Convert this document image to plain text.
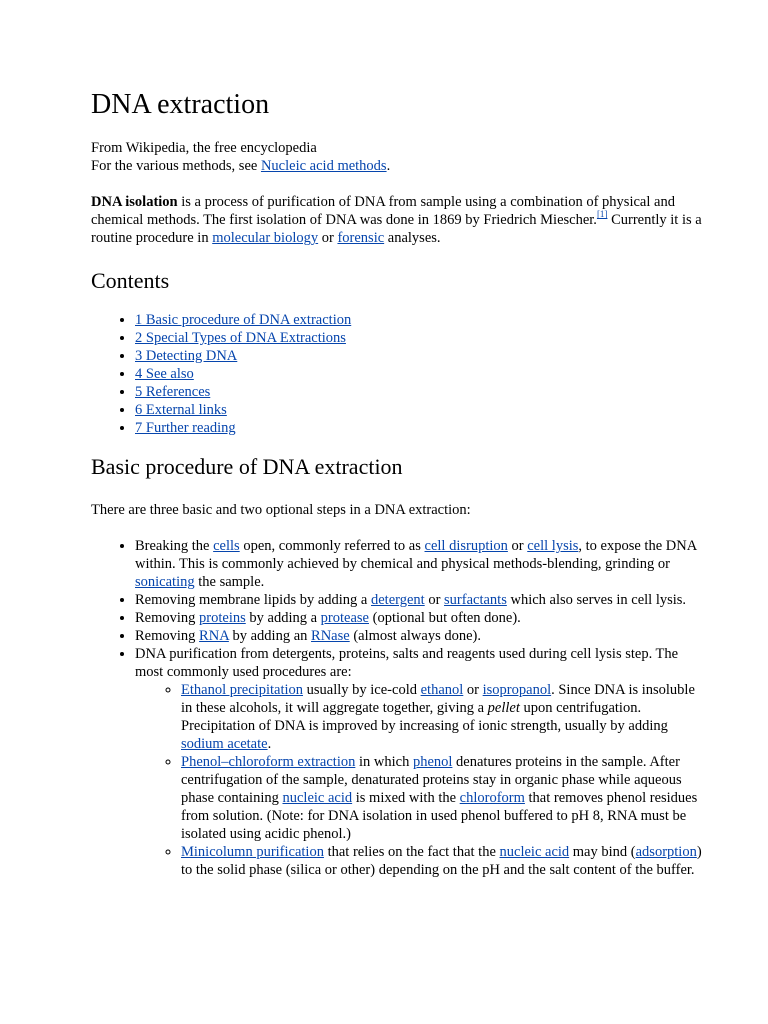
DNA extraction

From Wikipedia, the free encyclopedia

For the various methods, see Nucleic acid methods.

DNA isolation is a process of purification of DNA from sample using a combination of physical and chemical methods. The first isolation of DNA was done in 1869 by Friedrich Miescher.[1] Currently it is a routine procedure in molecular biology or forensic analyses.

Contents
• 1 Basic procedure of DNA extraction
• 2 Special Types of DNA Extractions
• 3 Detecting DNA
• 4 See also
• 5 References
• 6 External links
• 7 Further reading
Basic procedure of DNA extraction

There are three basic and two optional steps in a DNA extraction:

• Breaking the cells open, commonly referred to as cell disruption or cell lysis, to expose the DNA within. This is commonly achieved by chemical and physical methods-blending, grinding or sonicating the sample.
• Removing membrane lipids by adding a detergent or surfactants which also serves in cell lysis.
• Removing proteins by adding a protease (optional but often done).
• Removing RNA by adding an RNase (almost always done).
• DNA purification from detergents, proteins, salts and reagents used during cell lysis step. The most commonly used procedures are:
◦ Ethanol precipitation usually by ice-cold ethanol or isopropanol. Since DNA is insoluble in these alcohols, it will aggregate together, giving a pellet upon centrifugation. Precipitation of DNA is improved by increasing of ionic strength, usually by adding sodium acetate.
◦ Phenol–chloroform extraction in which phenol denatures proteins in the sample. After centrifugation of the sample, denaturated proteins stay in organic phase while aqueous phase containing nucleic acid is mixed with the chloroform that removes phenol residues from solution. (Note: for DNA isolation in used phenol buffered to pH 8, RNA must be isolated using acidic phenol.)
◦ Minicolumn purification that relies on the fact that the nucleic acid may bind (adsorption) to the solid phase (silica or other) depending on the pH and the salt content of the buffer.
